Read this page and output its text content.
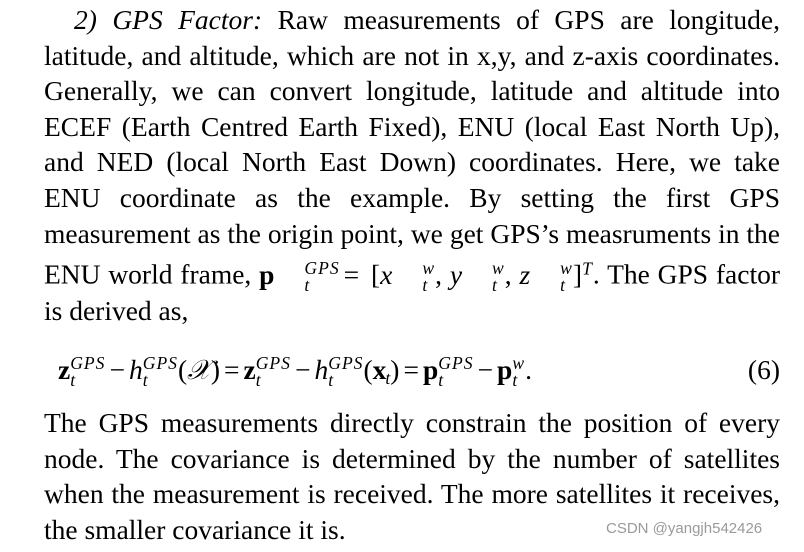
2) GPS Factor: Raw measurements of GPS are longitude, latitude, and altitude, which are not in x,y, and z-axis coordinates. Generally, we can convert longitude, latitude and altitude into ECEF (Earth Centred Earth Fixed), ENU (local East North Up), and NED (local North East Down) coordinates. Here, we take ENU coordinate as the example. By setting the first GPS measurement as the origin point, we get GPS’s measruments in the ENU world frame, p	GPS
t	= [x	w
t , y	w
t , z	w
t ]$^T$. The GPS factor is derived as,

z GPS
t	− h GPS
t	(𝒳) = z GPS
t	− h GPS
t	$(x_t) = p$ GPS
t	− p w
t .	(6)

The GPS measurements directly constrain the position of every node. The covariance is determined by the number of satellites when the measurement is received. The more satellites it receives, the smaller covariance it is.	CSDN @yangjh542426
